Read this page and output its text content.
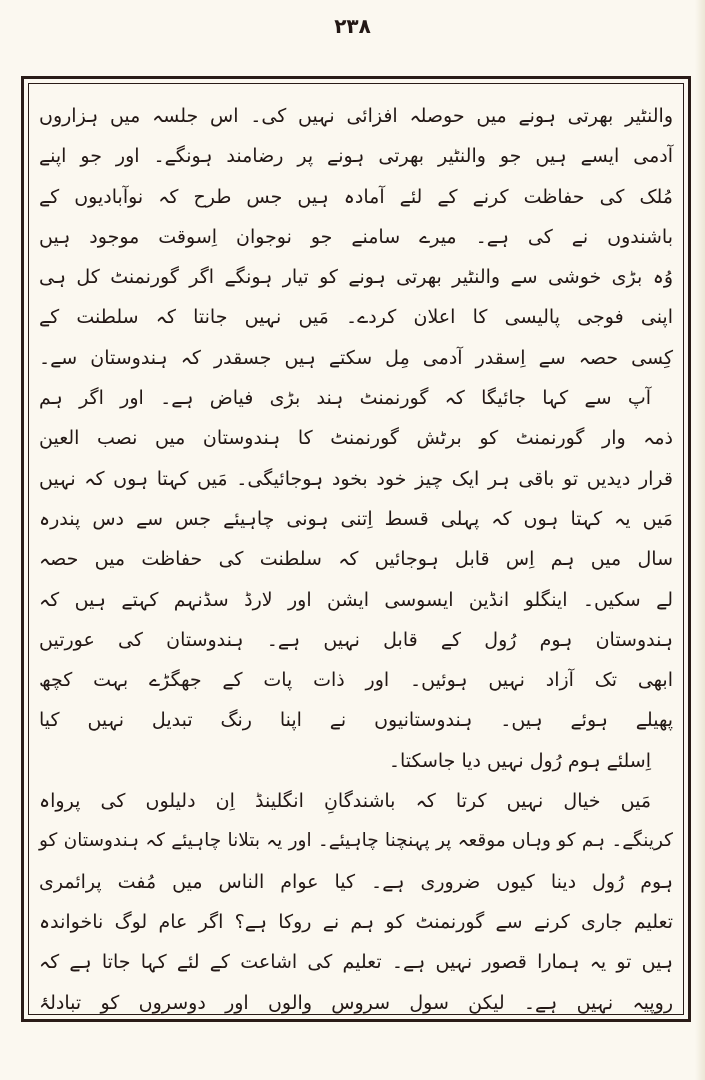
۲۳۸
والنٹیر بھرتی ہونے میں حوصلہ افزائی نہیں کی۔ اس جلسہ میں ہزاروں
آدمی ایسے ہیں جو والنٹیر بھرتی ہونے پر رضامند ہونگے۔ اور جو اپنے
مُلک کی حفاظت کرنے کے لئے آمادہ ہیں جس طرح کہ نوآبادیوں کے
باشندوں نے کی ہے۔ میرے سامنے جو نوجوان اِسوقت موجود ہیں
وُہ بڑی خوشی سے والنٹیر بھرتی ہونے کو تیار ہونگے اگر گورنمنٹ کل ہی
اپنی فوجی پالیسی کا اعلان کردے۔ مَیں نہیں جانتا کہ سلطنت کے
کِسی حصہ سے اِسقدر آدمی مِل سکتے ہیں جسقدر کہ ہندوستان سے۔
آپ سے کہا جائیگا کہ گورنمنٹ ہند بڑی فیاض ہے۔ اور اگر ہم
ذمہ وار گورنمنٹ کو برٹش گورنمنٹ کا ہندوستان میں نصب العین
قرار دیدیں تو باقی ہر ایک چیز خود بخود ہوجائیگی۔ مَیں کہتا ہوں کہ نہیں
مَیں یہ کہتا ہوں کہ پہلی قسط اِتنی ہونی چاہیئے جس سے دس پندرہ
سال میں ہم اِس قابل ہوجائیں کہ سلطنت کی حفاظت میں حصہ
لے سکیں۔ اینگلو انڈین ایسوسی ایشن اور لارڈ سڈنہم کہتے ہیں کہ
ہندوستان ہوم رُول کے قابل نہیں ہے۔ ہندوستان کی عورتیں
ابھی تک آزاد نہیں ہوئیں۔ اور ذات پات کے جھگڑے بہت کچھ
پھیلے ہوئے ہیں۔ ہندوستانیوں نے اپنا رنگ تبدیل نہیں کیا
اِسلئے ہوم رُول نہیں دیا جاسکتا۔
مَیں خیال نہیں کرتا کہ باشندگانِ انگلینڈ اِن دلیلوں کی پرواہ
کرینگے۔ ہم کو وہاں موقعہ پر پہنچنا چاہیئے۔ اور یہ بتلانا چاہیئے کہ ہندوستان کو
ہوم رُول دینا کیوں ضروری ہے۔ کیا عوام الناس میں مُفت پرائمری
تعلیم جاری کرنے سے گورنمنٹ کو ہم نے روکا ہے؟ اگر عام لوگ ناخواندہ
ہیں تو یہ ہمارا قصور نہیں ہے۔ تعلیم کی اشاعت کے لئے کہا جاتا ہے کہ
روپیہ نہیں ہے۔ لیکن سول سروس والوں اور دوسروں کو تبادلۂ
